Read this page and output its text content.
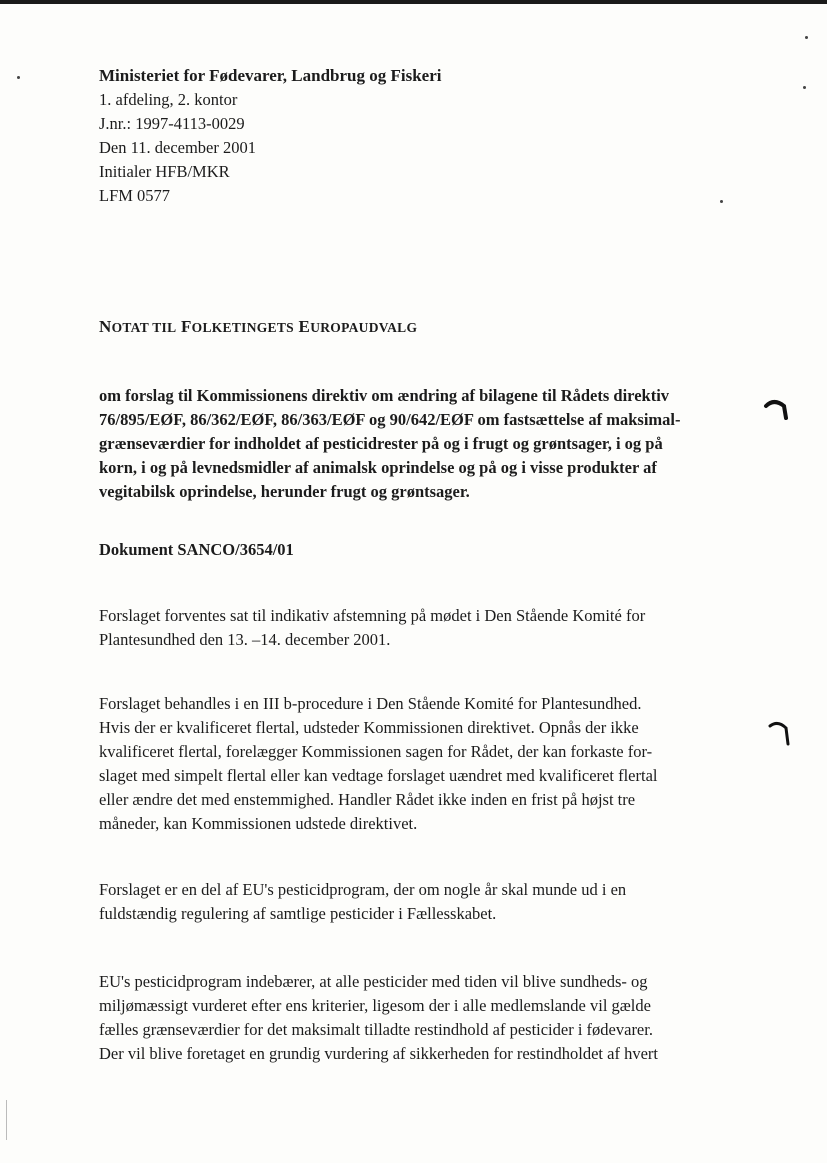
Ministeriet for Fødevarer, Landbrug og Fiskeri
1. afdeling, 2. kontor
J.nr.: 1997-4113-0029
Den 11. december 2001
Initialer HFB/MKR
LFM 0577
NOTAT TIL FOLKETINGETS EUROPAUDVALG
om forslag til Kommissionens direktiv om ændring af bilagene til Rådets direktiv
76/895/EØF, 86/362/EØF, 86/363/EØF og 90/642/EØF om fastsættelse af maksimal-
grænseværdier for indholdet af pesticidrester på og i frugt og grøntsager, i og på
korn, i og på levnedsmidler af animalsk oprindelse og på og i visse produkter af
vegitabilsk oprindelse, herunder frugt og grøntsager.
Dokument SANCO/3654/01
Forslaget forventes sat til indikativ afstemning på mødet i Den Stående Komité for
Plantesundhed den 13. –14. december 2001.
Forslaget behandles i en III b-procedure i Den Stående Komité for Plantesundhed.
Hvis der er kvalificeret flertal, udsteder Kommissionen direktivet. Opnås der ikke
kvalificeret flertal, forelægger Kommissionen sagen for Rådet, der kan forkaste for-
slaget med simpelt flertal eller kan vedtage forslaget uændret med kvalificeret flertal
eller ændre det med enstemmighed. Handler Rådet ikke inden en frist på højst tre
måneder, kan Kommissionen udstede direktivet.
Forslaget er en del af EU's pesticidprogram, der om nogle år skal munde ud i en
fuldstændig regulering af samtlige pesticider i Fællesskabet.
EU's pesticidprogram indebærer, at alle pesticider med tiden vil blive sundheds- og
miljømæssigt vurderet efter ens kriterier, ligesom der i alle medlemslande vil gælde
fælles grænseværdier for det maksimalt tilladte restindhold af pesticider i fødevarer.
Der vil blive foretaget en grundig vurdering af sikkerheden for restindholdet af hvert
